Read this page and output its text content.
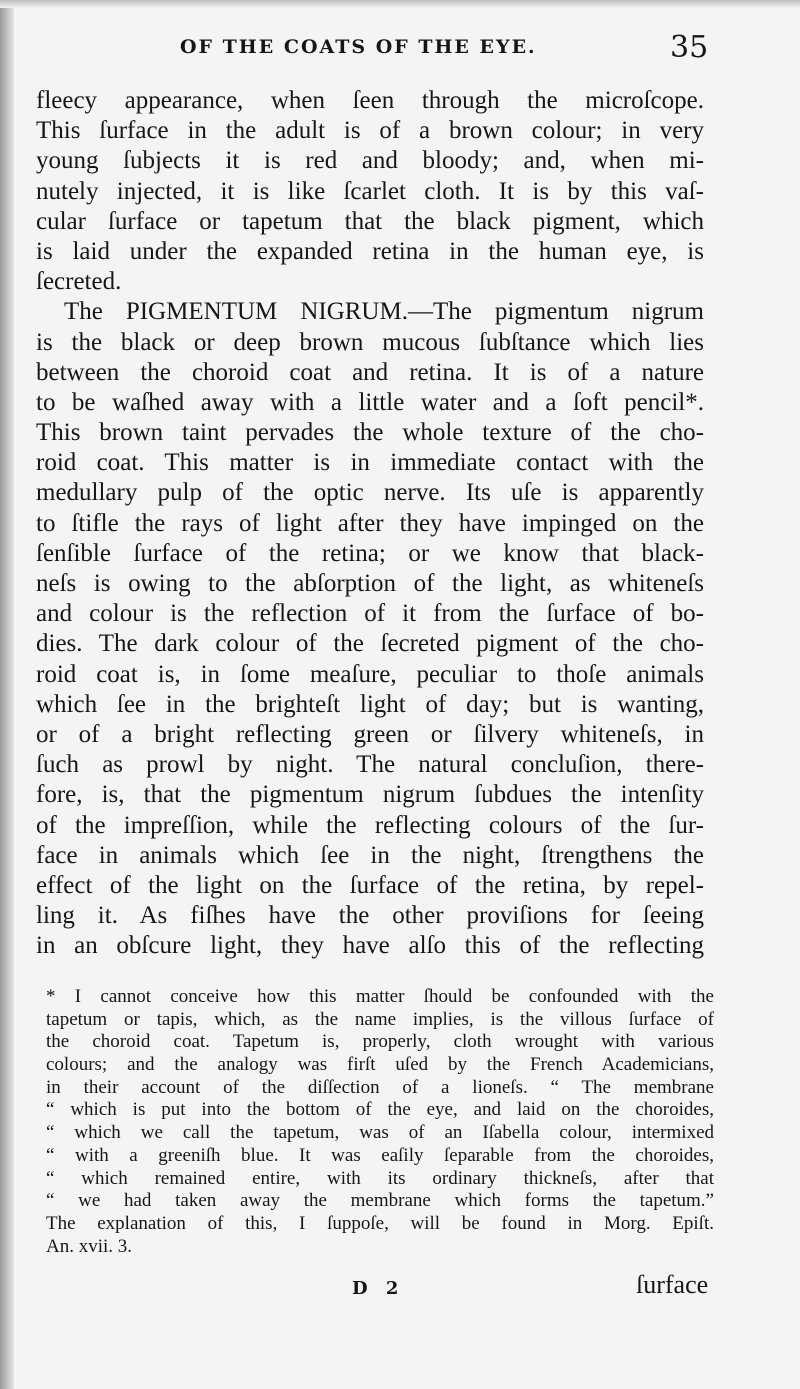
OF THE COATS OF THE EYE.	35
fleecy appearance, when ſeen through the microſcope.
This ſurface in the adult is of a brown colour; in very
young ſubjects it is red and bloody; and, when mi-
nutely injected, it is like ſcarlet cloth. It is by this vaſ-
cular ſurface or tapetum that the black pigment, which
is laid under the expanded retina in the human eye, is
ſecreted.
The PIGMENTUM NIGRUM.—The pigmentum nigrum
is the black or deep brown mucous ſubſtance which lies
between the choroid coat and retina. It is of a nature
to be waſhed away with a little water and a ſoft pencil*.
This brown taint pervades the whole texture of the cho-
roid coat. This matter is in immediate contact with the
medullary pulp of the optic nerve. Its uſe is apparently
to ſtifle the rays of light after they have impinged on the
ſenſible ſurface of the retina; or we know that black-
neſs is owing to the abſorption of the light, as whiteneſs
and colour is the reflection of it from the ſurface of bo-
dies. The dark colour of the ſecreted pigment of the cho-
roid coat is, in ſome meaſure, peculiar to thoſe animals
which ſee in the brighteſt light of day; but is wanting,
or of a bright reflecting green or ſilvery whiteneſs, in
ſuch as prowl by night. The natural concluſion, there-
fore, is, that the pigmentum nigrum ſubdues the intenſity
of the impreſſion, while the reflecting colours of the ſur-
face in animals which ſee in the night, ſtrengthens the
effect of the light on the ſurface of the retina, by repel-
ling it. As fiſhes have the other proviſions for ſeeing
in an obſcure light, they have alſo this of the reflecting
* I cannot conceive how this matter ſhould be confounded with the
tapetum or tapis, which, as the name implies, is the villous ſurface of
the choroid coat. Tapetum is, properly, cloth wrought with various
colours; and the analogy was firſt uſed by the French Academicians,
in their account of the diſſection of a lioneſs. “ The membrane
“ which is put into the bottom of the eye, and laid on the choroides,
“ which we call the tapetum, was of an Iſabella colour, intermixed
“ with a greeniſh blue. It was eaſily ſeparable from the choroides,
“ which remained entire, with its ordinary thickneſs, after that
“ we had taken away the membrane which forms the tapetum.”
The explanation of this, I ſuppoſe, will be found in Morg. Epiſt.
An. xvii. 3.
D 2	ſurface
